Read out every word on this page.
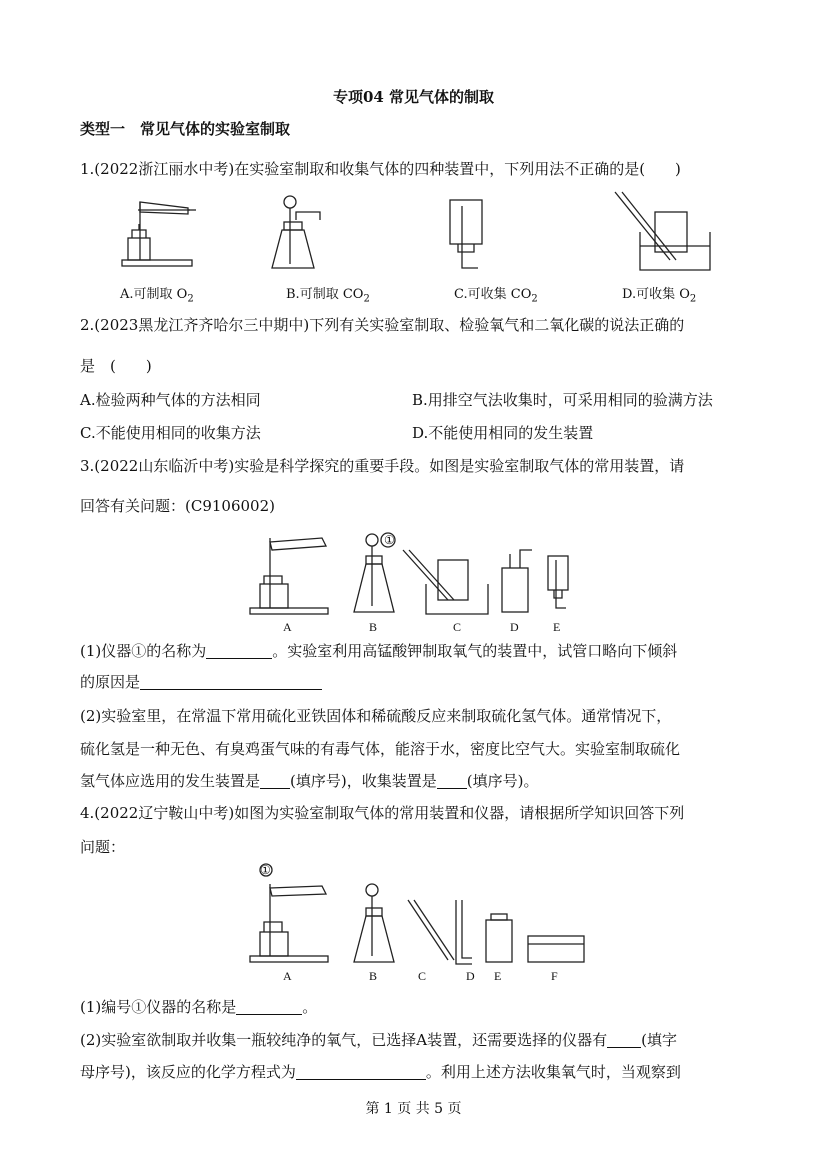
专项04 常见气体的制取
类型一　常见气体的实验室制取
1.(2022浙江丽水中考)在实验室制取和收集气体的四种装置中，下列用法不正确的是(　　)
A.可制取 $O_2$	B.可制取 $CO_2$	C.可收集 $CO_2$	D.可收集 $O_2$
2.(2023黑龙江齐齐哈尔三中期中)下列有关实验室制取、检验氧气和二氧化碳的说法正确的
是　(　　)
A.检验两种气体的方法相同	B.用排空气法收集时，可采用相同的验满方法
C.不能使用相同的收集方法	D.不能使用相同的发生装置
3.(2022山东临沂中考)实验是科学探究的重要手段。如图是实验室制取气体的常用装置，请
回答有关问题：(C9106002)
①
A	B	C	D	E
(1)仪器①的名称为	。实验室利用高锰酸钾制取氧气的装置中，试管口略向下倾斜
的原因是
(2)实验室里，在常温下常用硫化亚铁固体和稀硫酸反应来制取硫化氢气体。通常情况下，
硫化氢是一种无色、有臭鸡蛋气味的有毒气体，能溶于水，密度比空气大。实验室制取硫化
氢气体应选用的发生装置是 (填序号)，收集装置是 (填序号)。
4.(2022辽宁鞍山中考)如图为实验室制取气体的常用装置和仪器，请根据所学知识回答下列
问题：
①
A	B	C	D E	F
(1)编号①仪器的名称是	。
(2)实验室欲制取并收集一瓶较纯净的氧气，已选择A装置，还需要选择的仪器有 (填字
母序号)，该反应的化学方程式为	。利用上述方法收集氧气时，当观察到
第 1 页 共 5 页
